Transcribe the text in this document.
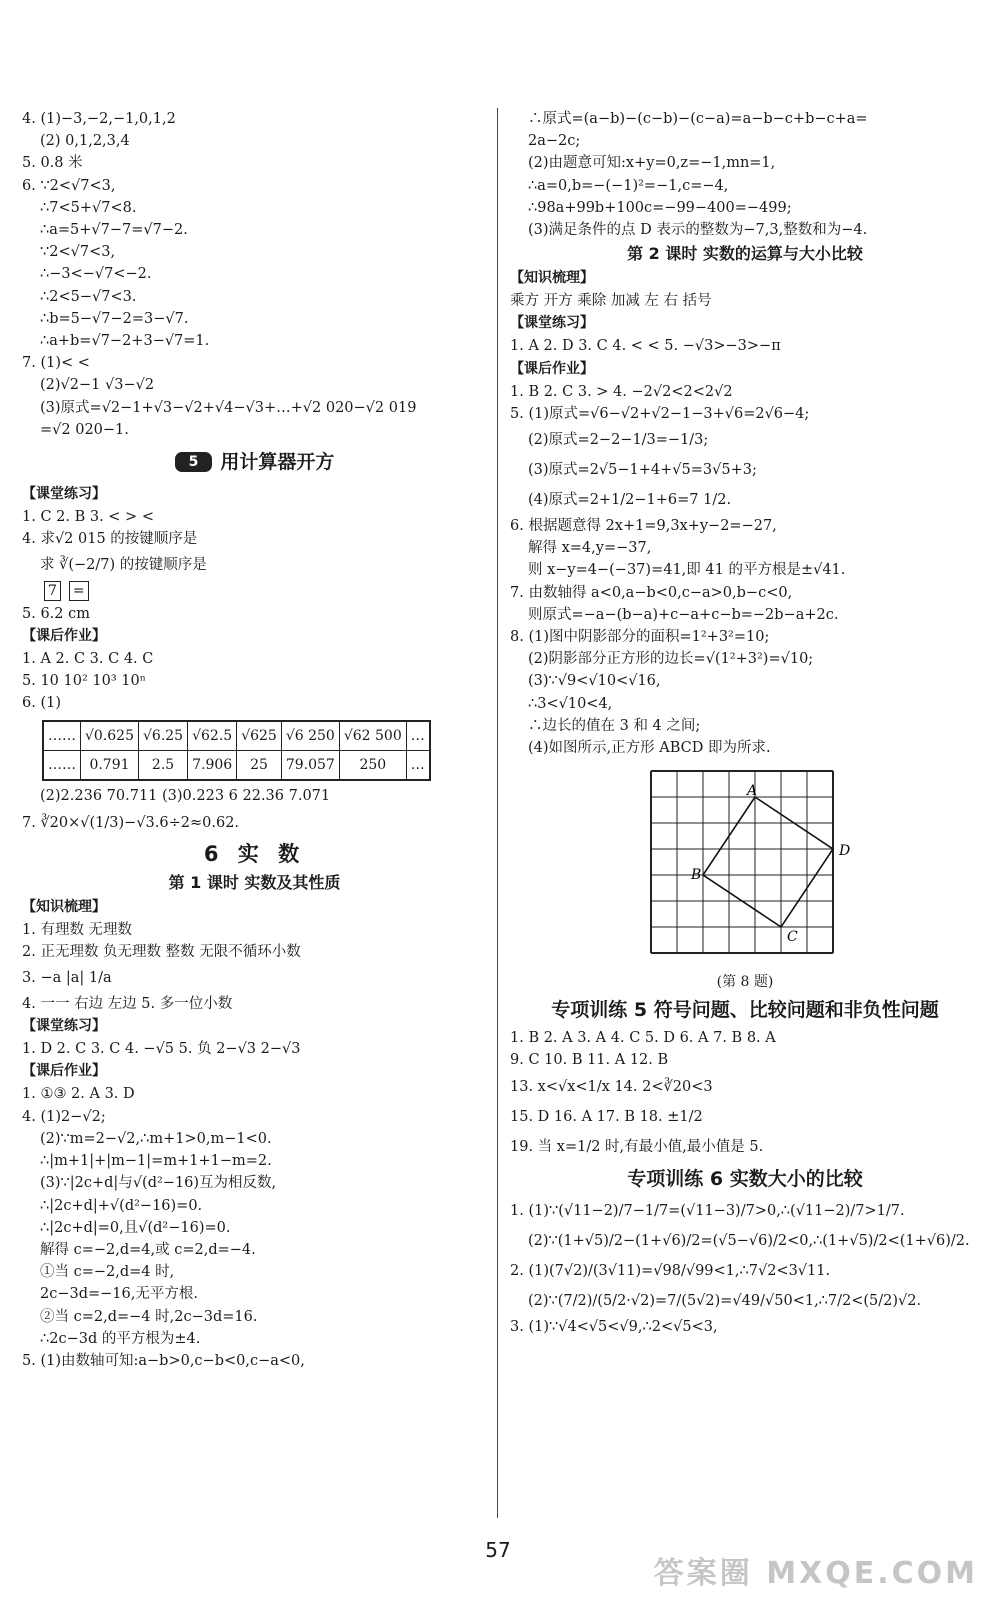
4. (1)−3,−2,−1,0,1,2
(2) 0,1,2,3,4
5. 0.8 米
6. ∵2<√7<3,
∴7<5+√7<8.
∴a=5+√7−7=√7−2.
∵2<√7<3,
∴−3<−√7<−2.
∴2<5−√7<3.
∴b=5−√7−2=3−√7.
∴a+b=√7−2+3−√7=1.
7. (1)< <
(2)√2−1 √3−√2
(3)原式=√2−1+√3−√2+√4−√3+…+√2 020−√2 019
=√2 020−1.
5 用计算器开方
【课堂练习】
1. C 2. B 3. < > <
4. 求√2 015 的按键顺序是
求 ∛(−2/7) 的按键顺序是
7 =
5. 6.2 cm
【课后作业】
1. A 2. C 3. C 4. C
5. 10 10² 10³ 10ⁿ
6. (1)
……	√0.625	√6.25	√62.5	√625	√6 250	√62 500	…
……	0.791	2.5	7.906	25	79.057	250	…
(2)2.236 70.711 (3)0.223 6 22.36 7.071
7. ∛20×√(1/3)−√3.6÷2≈0.62.
6 实 数
第 1 课时 实数及其性质
【知识梳理】
1. 有理数 无理数
2. 正无理数 负无理数 整数 无限不循环小数
3. −a |a| 1/a
4. 一一 右边 左边 5. 多一位小数
【课堂练习】
1. D 2. C 3. C 4. −√5 5. 负 2−√3 2−√3
【课后作业】
1. ①③ 2. A 3. D
4. (1)2−√2;
(2)∵m=2−√2,∴m+1>0,m−1<0.
∴|m+1|+|m−1|=m+1+1−m=2.
(3)∵|2c+d|与√(d²−16)互为相反数,
∴|2c+d|+√(d²−16)=0.
∴|2c+d|=0,且√(d²−16)=0.
解得 c=−2,d=4,或 c=2,d=−4.
①当 c=−2,d=4 时,
2c−3d=−16,无平方根.
②当 c=2,d=−4 时,2c−3d=16.
∴2c−3d 的平方根为±4.
5. (1)由数轴可知:a−b>0,c−b<0,c−a<0,
∴原式=(a−b)−(c−b)−(c−a)=a−b−c+b−c+a=
2a−2c;
(2)由题意可知:x+y=0,z=−1,mn=1,
∴a=0,b=−(−1)²=−1,c=−4,
∴98a+99b+100c=−99−400=−499;
(3)满足条件的点 D 表示的整数为−7,3,整数和为−4.
第 2 课时 实数的运算与大小比较
【知识梳理】
乘方 开方 乘除 加减 左 右 括号
【课堂练习】
1. A 2. D 3. C 4. < < 5. −√3>−3>−π
【课后作业】
1. B 2. C 3. > 4. −2√2<2<2√2
5. (1)原式=√6−√2+√2−1−3+√6=2√6−4;
(2)原式=2−2−1/3=−1/3;
(3)原式=2√5−1+4+√5=3√5+3;
(4)原式=2+1/2−1+6=7 1/2.
6. 根据题意得 2x+1=9,3x+y−2=−27,
解得 x=4,y=−37,
则 x−y=4−(−37)=41,即 41 的平方根是±√41.
7. 由数轴得 a<0,a−b<0,c−a>0,b−c<0,
则原式=−a−(b−a)+c−a+c−b=−2b−a+2c.
8. (1)图中阴影部分的面积=1²+3²=10;
(2)阴影部分正方形的边长=√(1²+3²)=√10;
(3)∵√9<√10<√16,
∴3<√10<4,
∴边长的值在 3 和 4 之间;
(4)如图所示,正方形 ABCD 即为所求.
A
B
C
D
(第 8 题)
专项训练 5 符号问题、比较问题和非负性问题
1. B 2. A 3. A 4. C 5. D 6. A 7. B 8. A
9. C 10. B 11. A 12. B
13. x<√x<1/x 14. 2<∛20<3
15. D 16. A 17. B 18. ±1/2
19. 当 x=1/2 时,有最小值,最小值是 5.
专项训练 6 实数大小的比较
1. (1)∵(√11−2)/7−1/7=(√11−3)/7>0,∴(√11−2)/7>1/7.
(2)∵(1+√5)/2−(1+√6)/2=(√5−√6)/2<0,∴(1+√5)/2<(1+√6)/2.
2. (1)(7√2)/(3√11)=√98/√99<1,∴7√2<3√11.
(2)∵(7/2)/(5/2·√2)=7/(5√2)=√49/√50<1,∴7/2<(5/2)√2.
3. (1)∵√4<√5<√9,∴2<√5<3,
57
答案圈 MXQE.COM
